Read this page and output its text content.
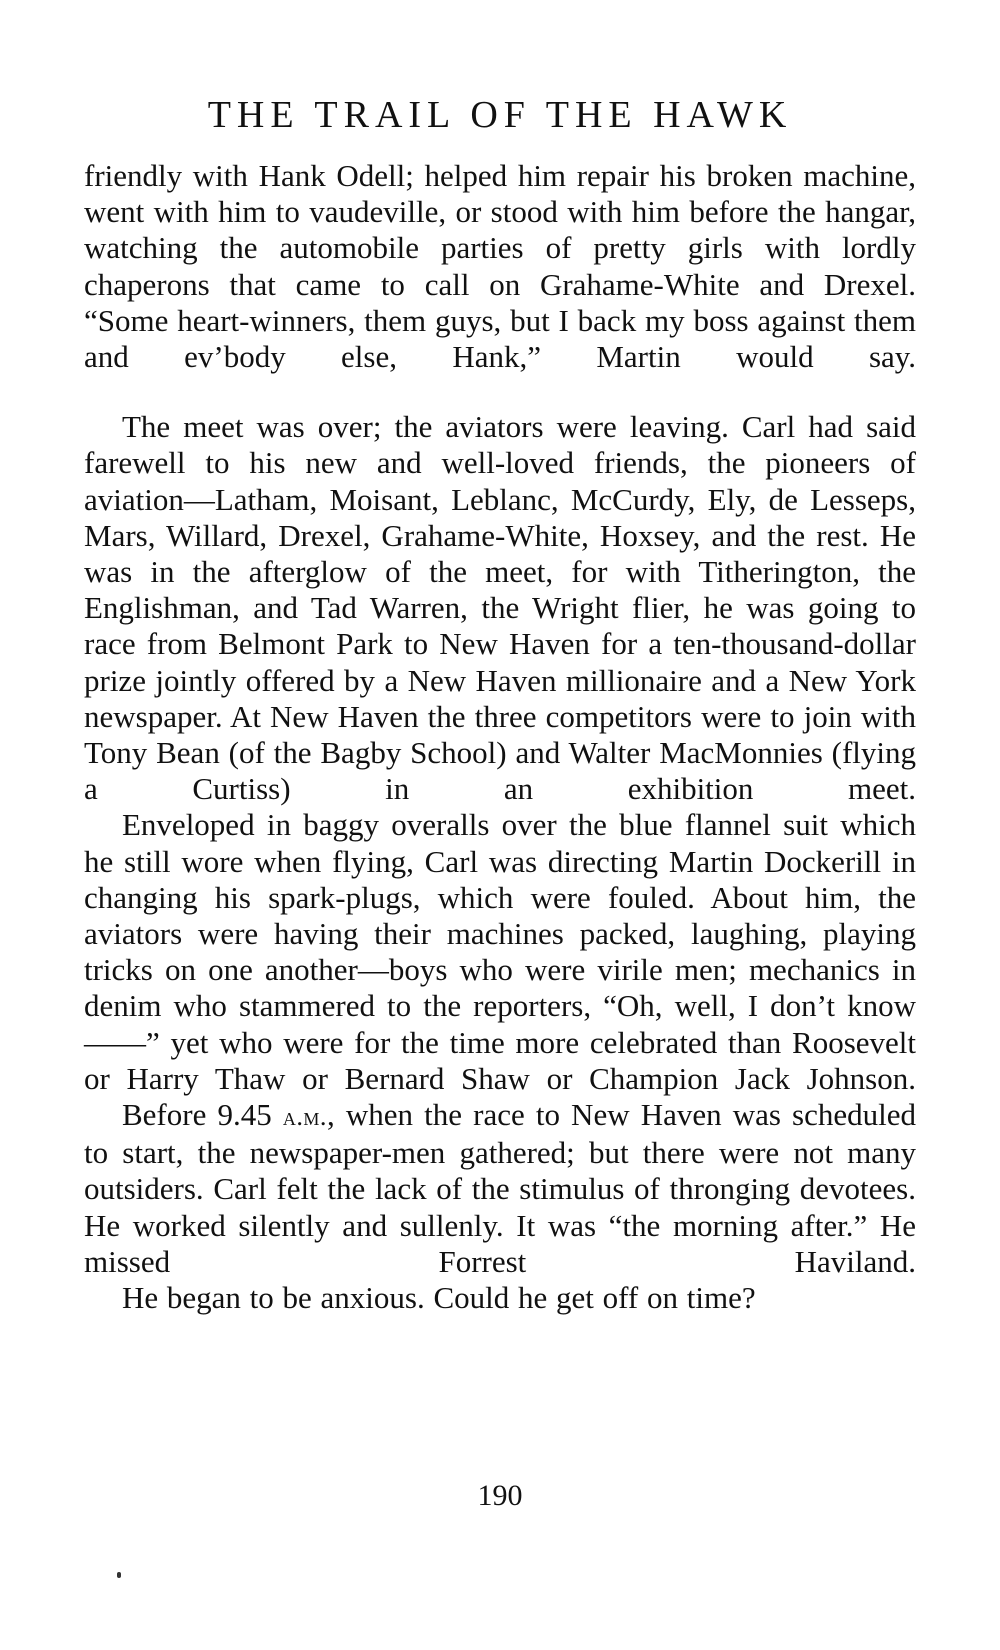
THE TRAIL OF THE HAWK

friendly with Hank Odell; helped him repair his broken machine, went with him to vaudeville, or stood with him before the hangar, watching the automobile parties of pretty girls with lordly chaperons that came to call on Grahame-White and Drexel. “Some heart-winners, them guys, but I back my boss against them and ev’body else, Hank,” Martin would say.

The meet was over; the aviators were leaving. Carl had said farewell to his new and well-loved friends, the pioneers of aviation—Latham, Moisant, Leblanc, McCurdy, Ely, de Lesseps, Mars, Willard, Drexel, Grahame-White, Hoxsey, and the rest. He was in the afterglow of the meet, for with Titherington, the Englishman, and Tad Warren, the Wright flier, he was going to race from Belmont Park to New Haven for a ten-thousand-dollar prize jointly offered by a New Haven millionaire and a New York newspaper. At New Haven the three competitors were to join with Tony Bean (of the Bagby School) and Walter MacMonnies (flying a Curtiss) in an exhibition meet.

Enveloped in baggy overalls over the blue flannel suit which he still wore when flying, Carl was directing Martin Dockerill in changing his spark-plugs, which were fouled. About him, the aviators were having their machines packed, laughing, playing tricks on one another—boys who were virile men; mechanics in denim who stammered to the reporters, “Oh, well, I don’t know——” yet who were for the time more celebrated than Roosevelt or Harry Thaw or Bernard Shaw or Champion Jack Johnson.

Before 9.45 a.m., when the race to New Haven was scheduled to start, the newspaper-men gathered; but there were not many outsiders. Carl felt the lack of the stimulus of thronging devotees. He worked silently and sullenly. It was “the morning after.” He missed Forrest Haviland.

He began to be anxious. Could he get off on time?

190
